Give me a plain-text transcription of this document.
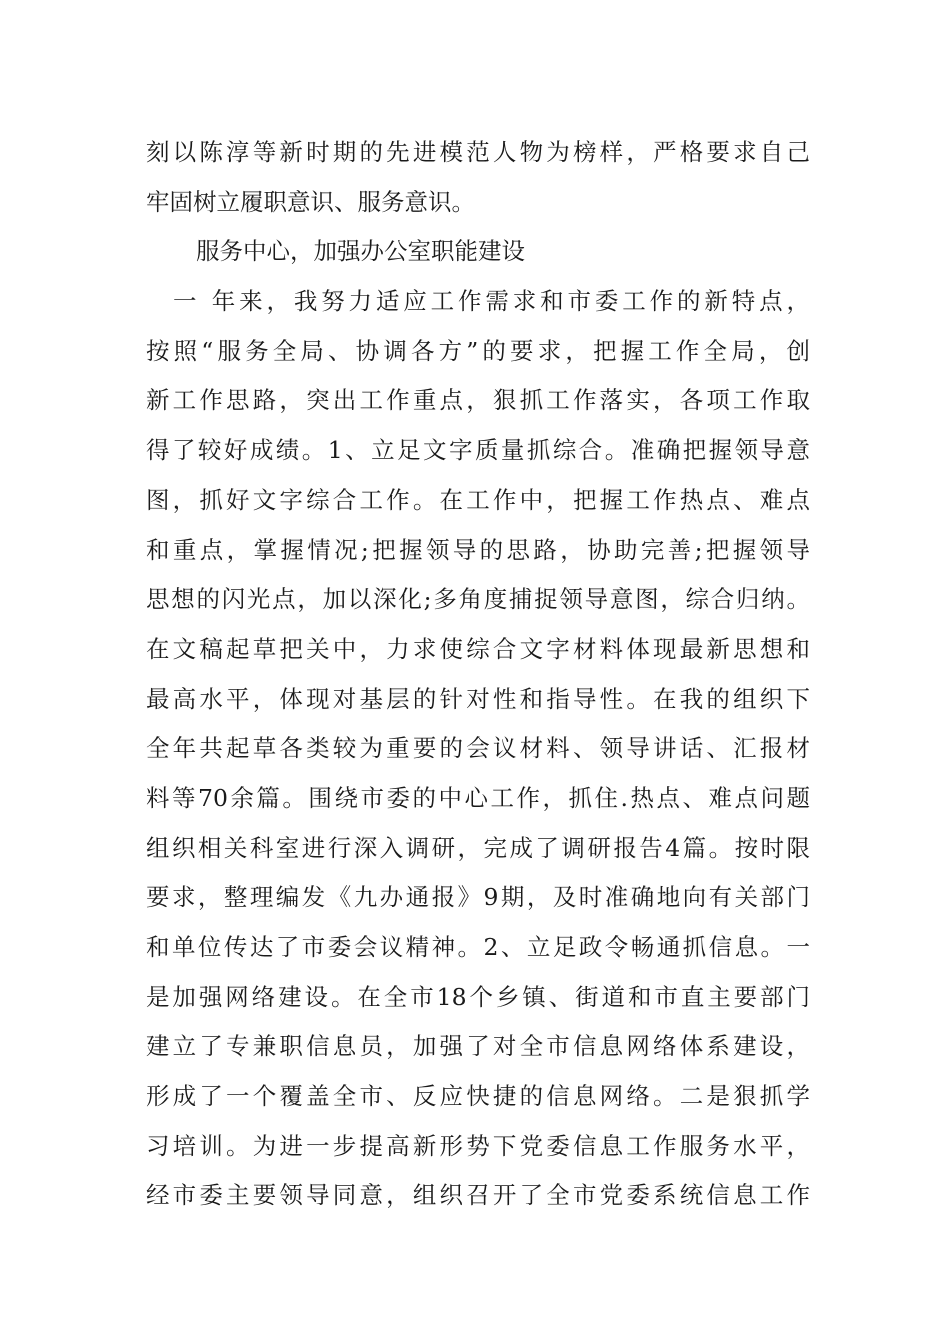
刻以陈淳等新时期的先进模范人物为榜样，严格要求自己
牢固树立履职意识、服务意识。
服务中心，加强办公室职能建设
一 年来，我努力适应工作需求和市委工作的新特点，
按照“服务全局、协调各方”的要求，把握工作全局，创
新工作思路，突出工作重点，狠抓工作落实，各项工作取
得了较好成绩。1、立足文字质量抓综合。准确把握领导意
图，抓好文字综合工作。在工作中，把握工作热点、难点
和重点，掌握情况;把握领导的思路，协助完善;把握领导
思想的闪光点，加以深化;多角度捕捉领导意图，综合归纳。
在文稿起草把关中，力求使综合文字材料体现最新思想和
最高水平，体现对基层的针对性和指导性。在我的组织下
全年共起草各类较为重要的会议材料、领导讲话、汇报材
料等70余篇。围绕市委的中心工作，抓住.热点、难点问题
组织相关科室进行深入调研，完成了调研报告4篇。按时限
要求，整理编发《九办通报》9期，及时准确地向有关部门
和单位传达了市委会议精神。2、立足政令畅通抓信息。一
是加强网络建设。在全市18个乡镇、街道和市直主要部门
建立了专兼职信息员，加强了对全市信息网络体系建设，
形成了一个覆盖全市、反应快捷的信息网络。二是狠抓学
习培训。为进一步提高新形势下党委信息工作服务水平，
经市委主要领导同意，组织召开了全市党委系统信息工作
